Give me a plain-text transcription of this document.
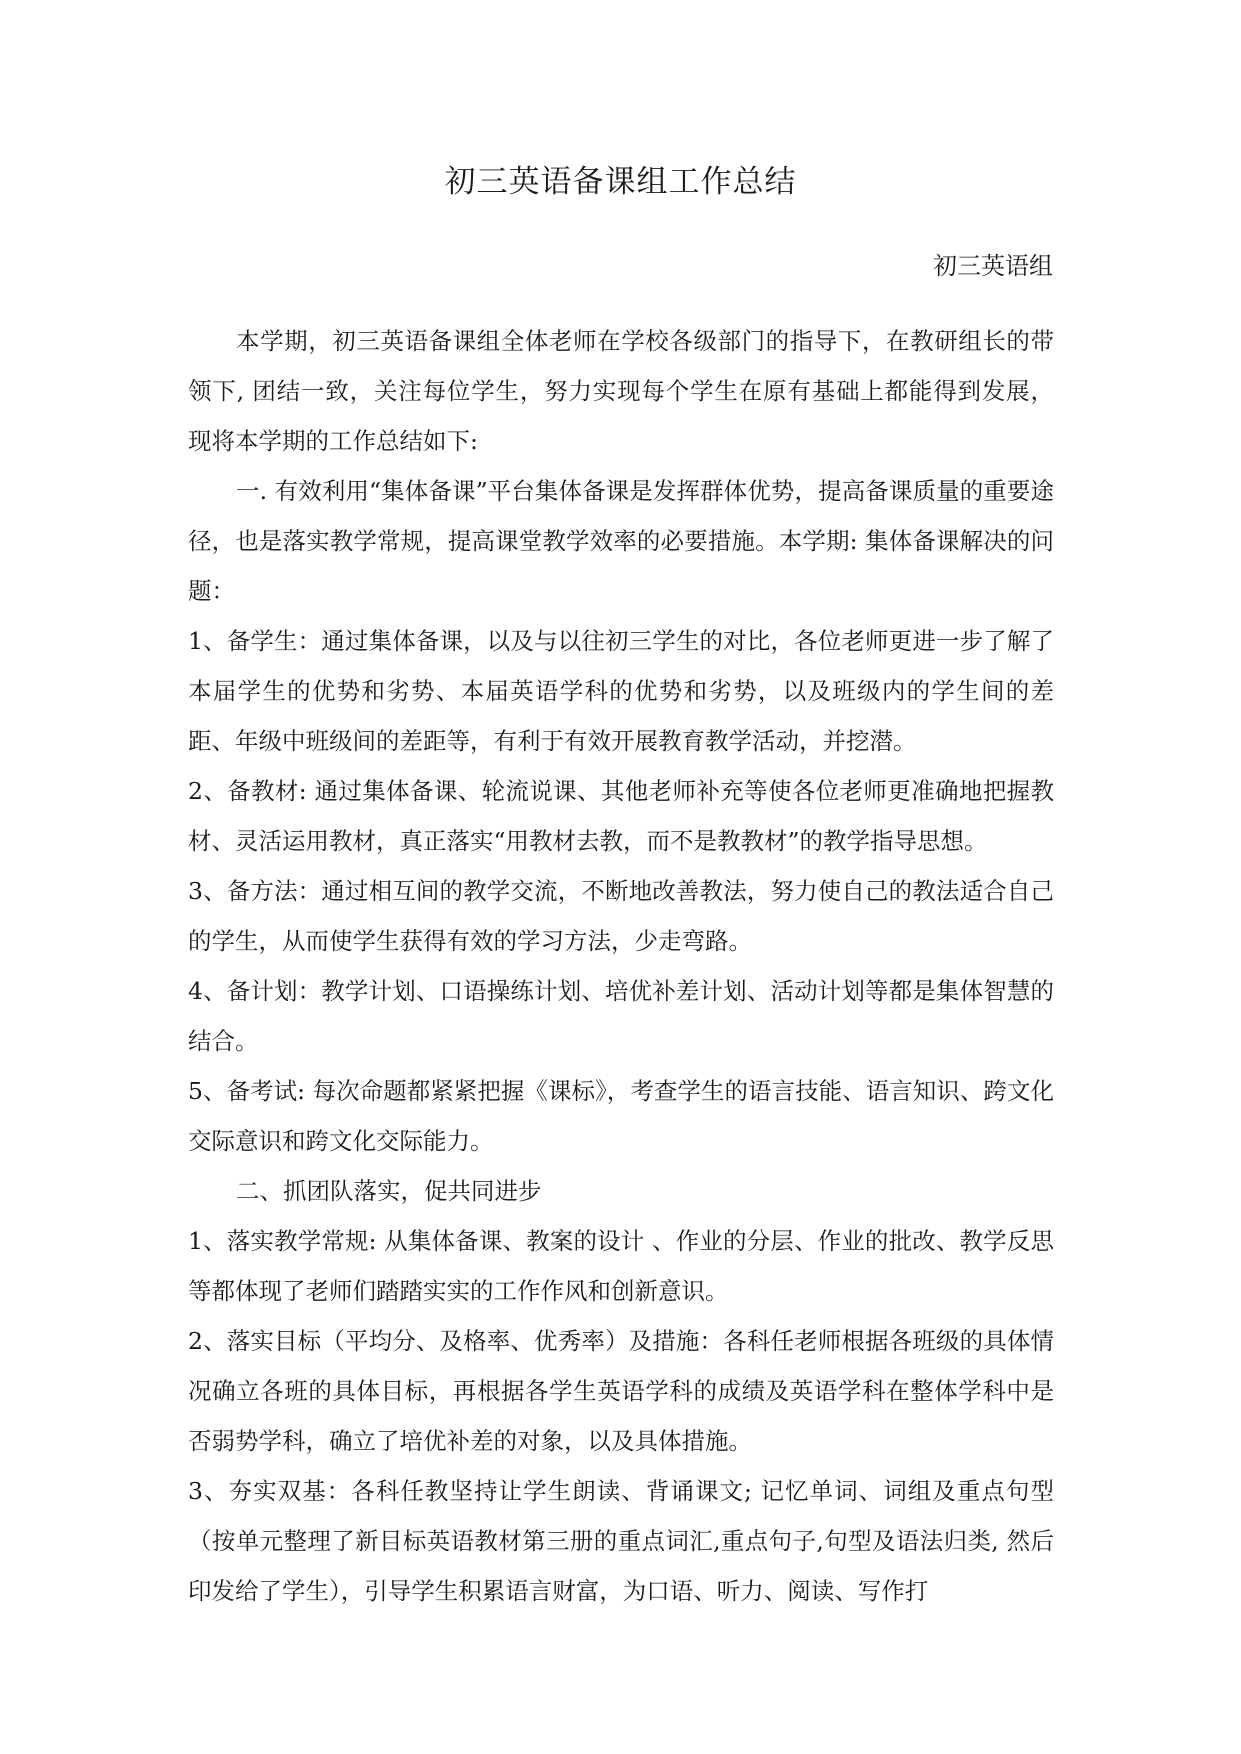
初三英语备课组工作总结
初三英语组

本学期，初三英语备课组全体老师在学校各级部门的指导下，在教研组长的带领下, 团结一致，关注每位学生，努力实现每个学生在原有基础上都能得到发展， 现将本学期的工作总结如下:

一. 有效利用“集体备课”平台集体备课是发挥群体优势，提高备课质量的重要途径，也是落实教学常规，提高课堂教学效率的必要措施。本学期: 集体备课解决的问题：

1、备学生：通过集体备课，以及与以往初三学生的对比，各位老师更进一步了解了本届学生的优势和劣势、本届英语学科的优势和劣势，以及班级内的学生间的差距、年级中班级间的差距等，有利于有效开展教育教学活动，并挖潜。

2、备教材: 通过集体备课、轮流说课、其他老师补充等使各位老师更准确地把握教材、灵活运用教材，真正落实“用教材去教，而不是教教材”的教学指导思想。

3、备方法：通过相互间的教学交流，不断地改善教法，努力使自己的教法适合自己的学生，从而使学生获得有效的学习方法，少走弯路。

4、备计划：教学计划、口语操练计划、培优补差计划、活动计划等都是集体智慧的结合。

5、备考试: 每次命题都紧紧把握《课标》，考查学生的语言技能、语言知识、跨文化交际意识和跨文化交际能力。

二、抓团队落实，促共同进步

1、落实教学常规: 从集体备课、教案的设计 、作业的分层、作业的批改、教学反思等都体现了老师们踏踏实实的工作作风和创新意识。

2、落实目标（平均分、及格率、优秀率）及措施：各科任老师根据各班级的具体情况确立各班的具体目标，再根据各学生英语学科的成绩及英语学科在整体学科中是否弱势学科，确立了培优补差的对象，以及具体措施。

3、夯实双基：各科任教坚持让学生朗读、背诵课文; 记忆单词、词组及重点句型（按单元整理了新目标英语教材第三册的重点词汇,重点句子,句型及语法归类, 然后印发给了学生），引导学生积累语言财富，为口语、听力、阅读、写作打
